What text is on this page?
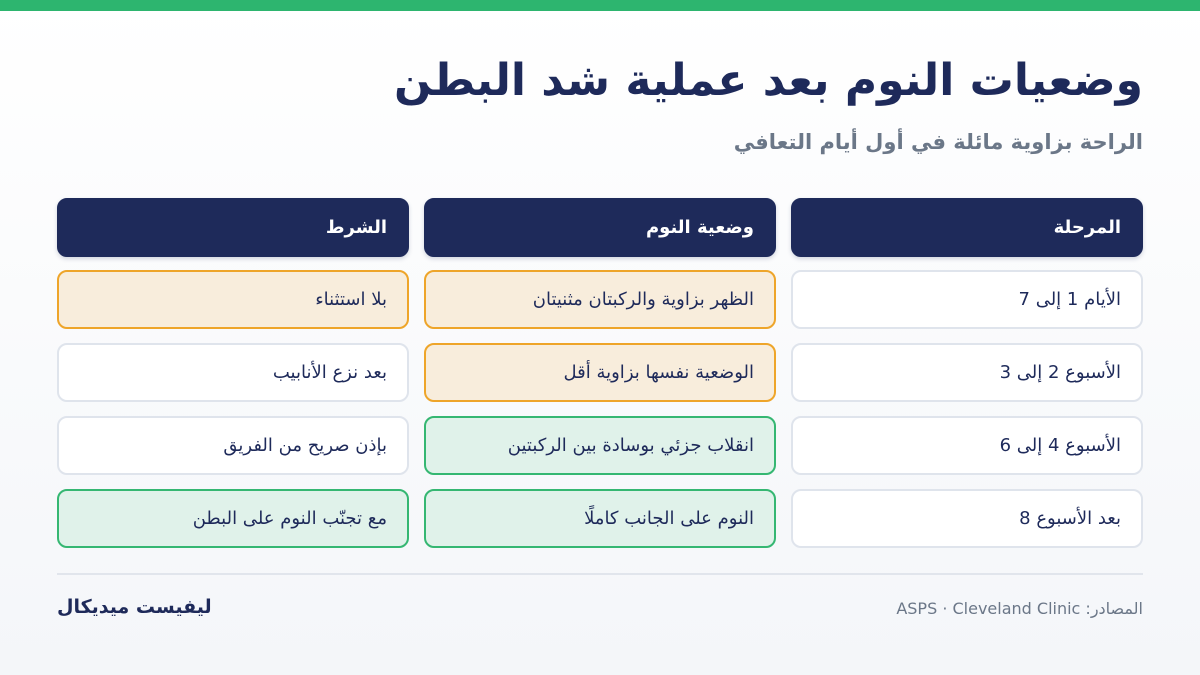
وضعيات النوم بعد عملية شد البطن
الراحة بزاوية مائلة في أول أيام التعافي
المرحلة
وضعية النوم
الشرط
الأيام 1 إلى 7
الظهر بزاوية والركبتان مثنيتان
بلا استثناء
الأسبوع 2 إلى 3
الوضعية نفسها بزاوية أقل
بعد نزع الأنابيب
الأسبوع 4 إلى 6
انقلاب جزئي بوسادة بين الركبتين
بإذن صريح من الفريق
بعد الأسبوع 8
النوم على الجانب كاملًا
مع تجنّب النوم على البطن
المصادر: ASPS · Cleveland Clinic
ليفيست ميديكال
